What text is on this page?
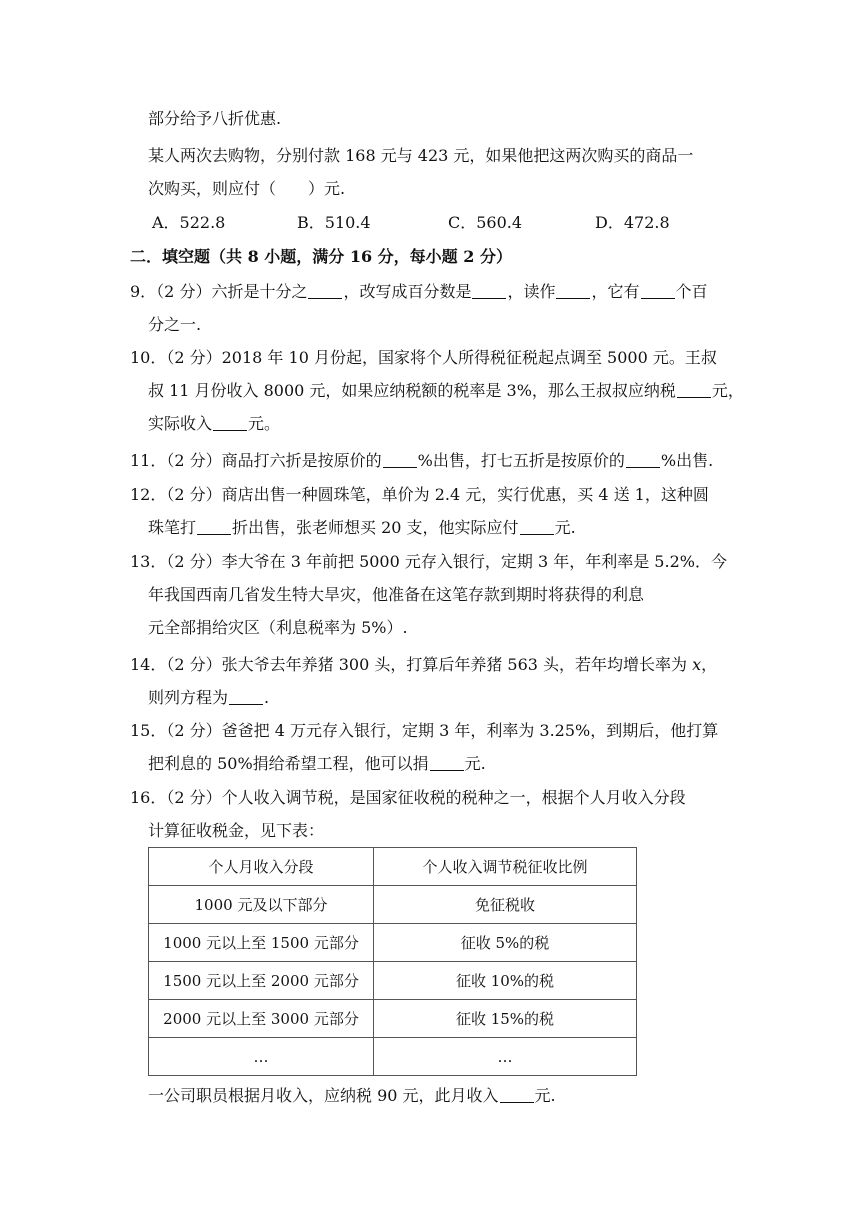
部分给予八折优惠.
某人两次去购物，分别付款 168 元与 423 元，如果他把这两次购买的商品一
次购买，则应付（　　）元.
A．522.8	B．510.4	C．560.4	D．472.8
二．填空题（共 8 小题，满分 16 分，每小题 2 分）
9．（2 分）六折是十分之 ，改写成百分数是 ，读作 ，它有 个百
分之一.
10．（2 分）2018 年 10 月份起，国家将个人所得税征税起点调至 5000 元。王叔
叔 11 月份收入 8000 元，如果应纳税额的税率是 3%，那么王叔叔应纳税 元，
实际收入 元。
11．（2 分）商品打六折是按原价的 %出售，打七五折是按原价的 %出售.
12．（2 分）商店出售一种圆珠笔，单价为 2.4 元，实行优惠，买 4 送 1，这种圆
珠笔打 折出售，张老师想买 20 支，他实际应付 元.
13．（2 分）李大爷在 3 年前把 5000 元存入银行，定期 3 年，年利率是 5.2%．今
年我国西南几省发生特大旱灾，他准备在这笔存款到期时将获得的利息
元全部捐给灾区（利息税率为 5%）.
14．（2 分）张大爷去年养猪 300 头，打算后年养猪 563 头，若年均增长率为 x，
则列方程为 .
15．（2 分）爸爸把 4 万元存入银行，定期 3 年，利率为 3.25%，到期后，他打算
把利息的 50%捐给希望工程，他可以捐 元.
16．（2 分）个人收入调节税，是国家征收税的税种之一，根据个人月收入分段
计算征收税金，见下表：
个人月收入分段	个人收入调节税征收比例
1000 元及以下部分	免征税收
1000 元以上至 1500 元部分	征收 5%的税
1500 元以上至 2000 元部分	征收 10%的税
2000 元以上至 3000 元部分	征收 15%的税
…	…
一公司职员根据月收入，应纳税 90 元，此月收入 元.
